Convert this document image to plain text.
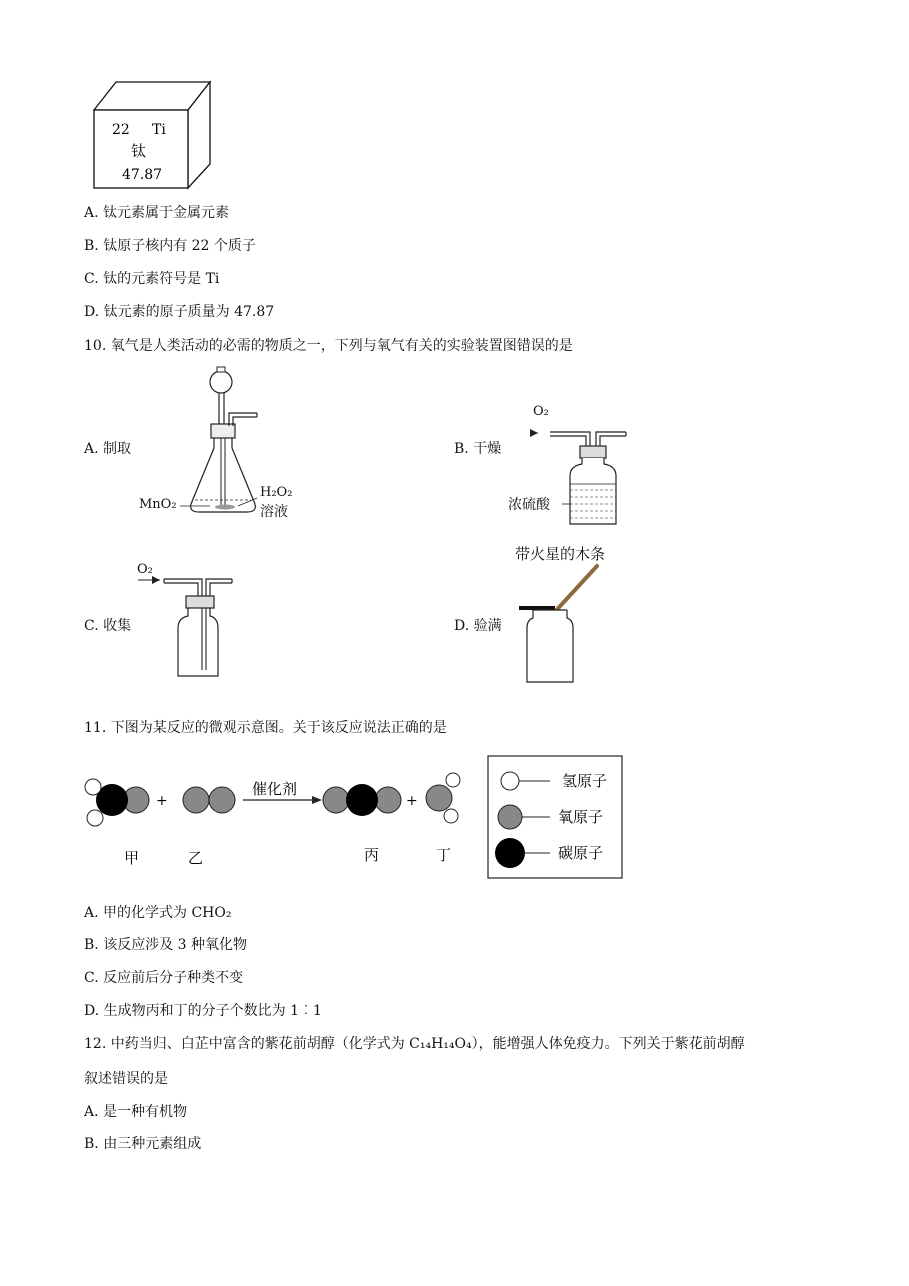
22 Ti
钛
47.87
A. 钛元素属于金属元素
B. 钛原子核内有 22 个质子
C. 钛的元素符号是 Ti
D. 钛元素的原子质量为 47.87
10. 氧气是人类活动的必需的物质之一，下列与氧气有关的实验装置图错误的是
A. 制取	B. 干燥
C. 收集	D. 验满
MnO₂
H₂O₂
溶液
O₂
浓硫酸
O₂
带火星的木条
11. 下图为某反应的微观示意图。关于该反应说法正确的是
+
催化剂
+
甲	乙	丙	丁
氢原子
氧原子
碳原子
A. 甲的化学式为 CHO₂
B. 该反应涉及 3 种氧化物
C. 反应前后分子种类不变
D. 生成物丙和丁的分子个数比为 1︰1
12. 中药当归、白芷中富含的紫花前胡醇（化学式为 C₁₄H₁₄O₄），能增强人体免疫力。下列关于紫花前胡醇
叙述错误的是
A. 是一种有机物
B. 由三种元素组成
